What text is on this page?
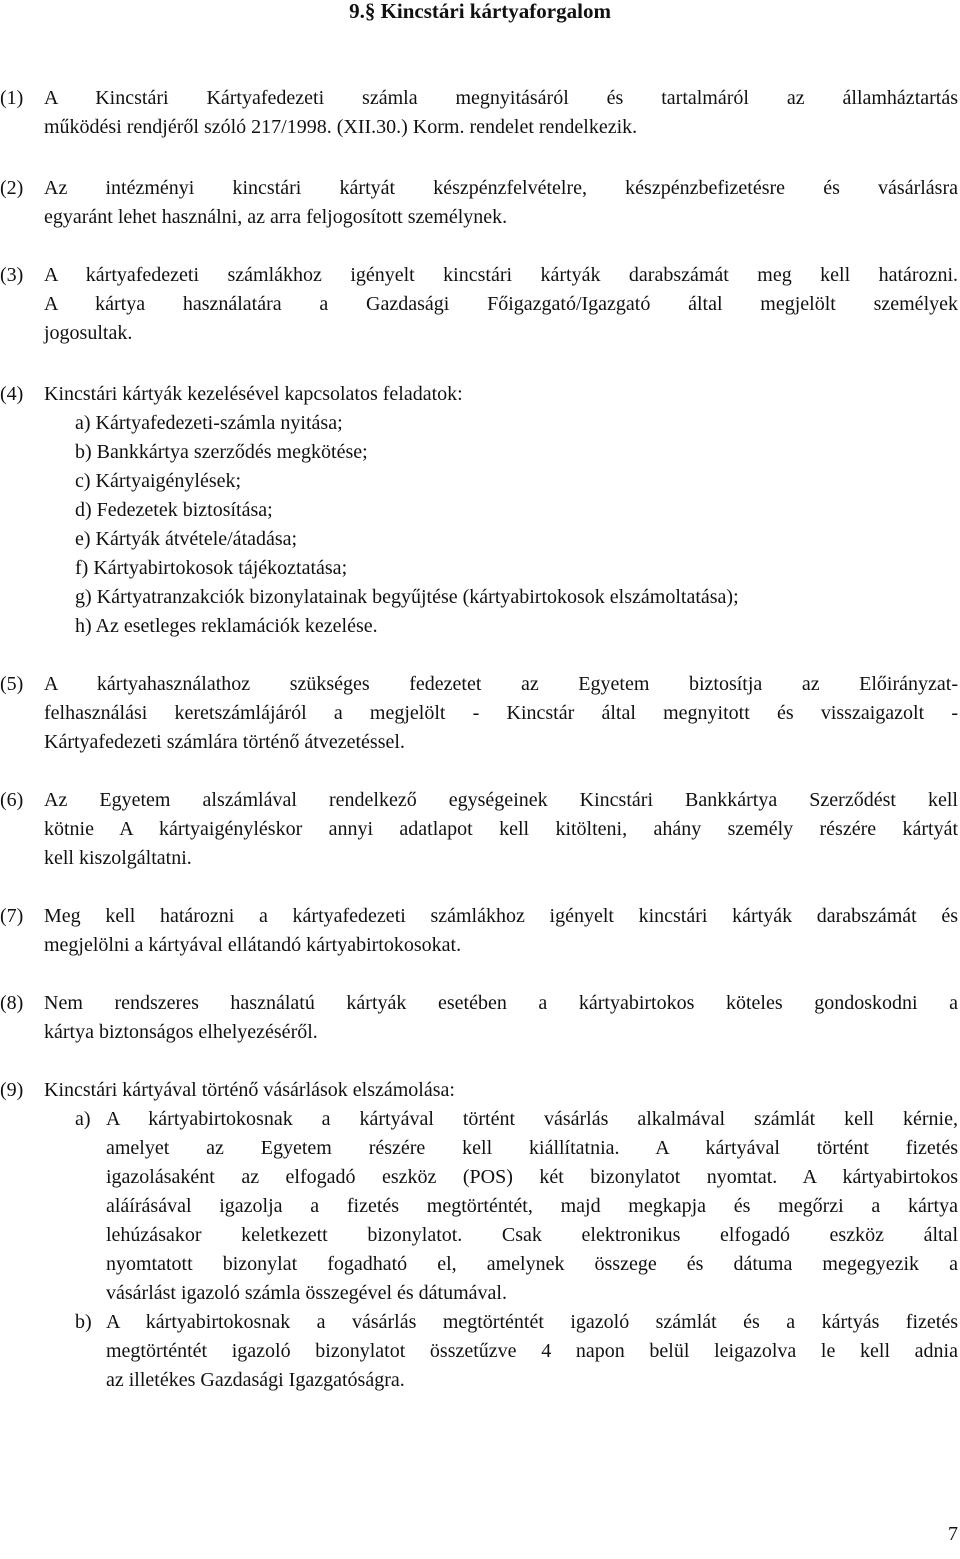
9.§ Kincstári kártyaforgalom
(1)	A Kincstári Kártyafedezeti számla megnyitásáról és tartalmáról az államháztartás
működési rendjéről szóló 217/1998. (XII.30.) Korm. rendelet rendelkezik.
(2)	Az intézményi kincstári kártyát készpénzfelvételre, készpénzbefizetésre és vásárlásra
egyaránt lehet használni, az arra feljogosított személynek.
(3)	A kártyafedezeti számlákhoz igényelt kincstári kártyák darabszámát meg kell határozni.
A kártya használatára a Gazdasági Főigazgató/Igazgató által megjelölt személyek
jogosultak.
(4)	Kincstári kártyák kezelésével kapcsolatos feladatok:
a) Kártyafedezeti-számla nyitása;
b) Bankkártya szerződés megkötése;
c) Kártyaigénylések;
d) Fedezetek biztosítása;
e) Kártyák átvétele/átadása;
f) Kártyabirtokosok tájékoztatása;
g) Kártyatranzakciók bizonylatainak begyűjtése (kártyabirtokosok elszámoltatása);
h) Az esetleges reklamációk kezelése.
(5)	A kártyahasználathoz szükséges fedezetet az Egyetem biztosítja az Előirányzat-
felhasználási keretszámlájáról a megjelölt - Kincstár által megnyitott és visszaigazolt -
Kártyafedezeti számlára történő átvezetéssel.
(6)	Az Egyetem alszámlával rendelkező egységeinek Kincstári Bankkártya Szerződést kell
kötnie A kártyaigényléskor annyi adatlapot kell kitölteni, ahány személy részére kártyát
kell kiszolgáltatni.
(7)	Meg kell határozni a kártyafedezeti számlákhoz igényelt kincstári kártyák darabszámát és
megjelölni a kártyával ellátandó kártyabirtokosokat.
(8)	Nem rendszeres használatú kártyák esetében a kártyabirtokos köteles gondoskodni a
kártya biztonságos elhelyezéséről.
(9)	Kincstári kártyával történő vásárlások elszámolása:
a) A kártyabirtokosnak a kártyával történt vásárlás alkalmával számlát kell kérnie,
amelyet az Egyetem részére kell kiállítatnia. A kártyával történt fizetés
igazolásaként az elfogadó eszköz (POS) két bizonylatot nyomtat. A kártyabirtokos
aláírásával igazolja a fizetés megtörténtét, majd megkapja és megőrzi a kártya
lehúzásakor keletkezett bizonylatot. Csak elektronikus elfogadó eszköz által
nyomtatott bizonylat fogadható el, amelynek összege és dátuma megegyezik a
vásárlást igazoló számla összegével és dátumával.
b) A kártyabirtokosnak a vásárlás megtörténtét igazoló számlát és a kártyás fizetés
megtörténtét igazoló bizonylatot összetűzve 4 napon belül leigazolva le kell adnia
az illetékes Gazdasági Igazgatóságra.
7
